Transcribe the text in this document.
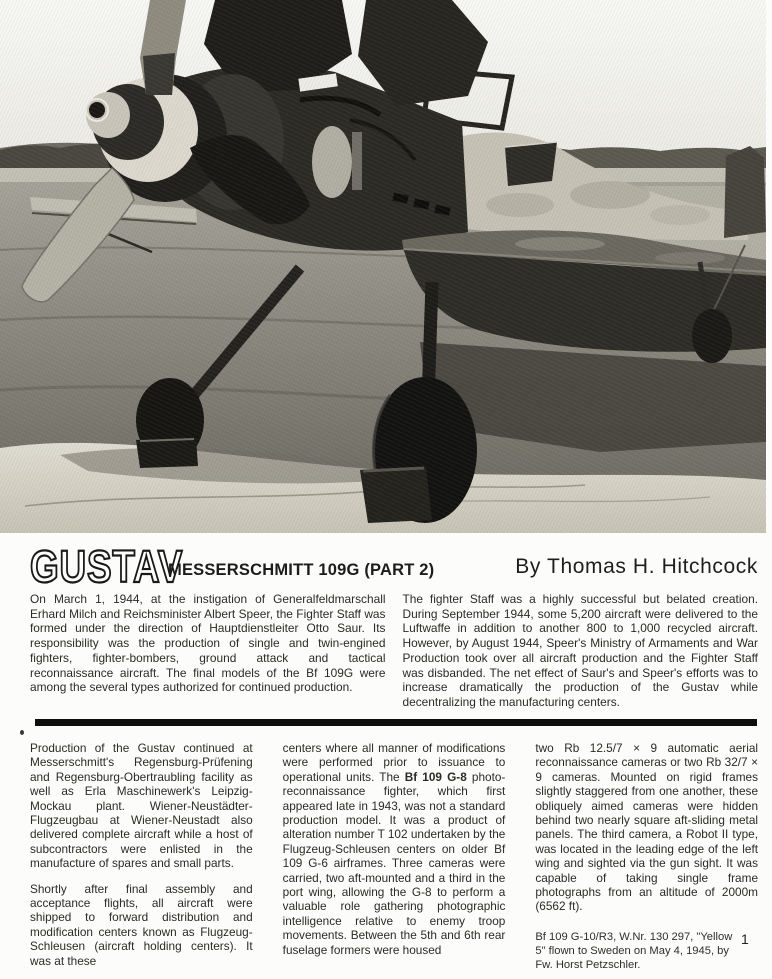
GUSTAV
MESSERSCHMITT 109G (PART 2)	By Thomas H. Hitchcock

On March 1, 1944, at the instigation of Generalfeldmarschall Erhard Milch and Reichsminister Albert Speer, the Fighter Staff was formed under the direction of Hauptdienstleiter Otto Saur. Its responsibility was the production of single and twin-engined fighters, fighter-bombers, ground attack and tactical reconnaissance aircraft. The final models of the Bf 109G were among the several types authorized for continued production.

The fighter Staff was a highly successful but belated creation. During September 1944, some 5,200 aircraft were delivered to the Luftwaffe in addition to another 800 to 1,000 recycled aircraft. However, by August 1944, Speer's Ministry of Armaments and War Production took over all aircraft production and the Fighter Staff was disbanded. The net effect of Saur's and Speer's efforts was to increase dramatically the production of the Gustav while decentralizing the manufacturing centers.

Production of the Gustav continued at Messerschmitt's Regensburg-Prüfening and Regensburg-Obertraubling facility as well as Erla Maschinewerk's Leipzig-Mockau plant. Wiener-Neustädter-Flugzeugbau at Wiener-Neustadt also delivered complete aircraft while a host of subcontractors were enlisted in the manufacture of spares and small parts.

Shortly after final assembly and acceptance flights, all aircraft were shipped to forward distribution and modification centers known as Flugzeug-Schleusen (aircraft holding centers). It was at these

centers where all manner of modifications were performed prior to issuance to operational units. The Bf 109 G-8 photo-reconnaissance fighter, which first appeared late in 1943, was not a standard production model. It was a product of alteration number T 102 undertaken by the Flugzeug-Schleusen centers on older Bf 109 G-6 airframes. Three cameras were carried, two aft-mounted and a third in the port wing, allowing the G-8 to perform a valuable role gathering photographic intelligence relative to enemy troop movements. Between the 5th and 6th rear fuselage formers were housed

two Rb 12.5/7 × 9 automatic aerial reconnaissance cameras or two Rb 32/7 × 9 cameras. Mounted on rigid frames slightly staggered from one another, these obliquely aimed cameras were hidden behind two nearly square aft-sliding metal panels. The third camera, a Robot II type, was located in the leading edge of the left wing and sighted via the gun sight. It was capable of taking single frame photographs from an altitude of 2000m (6562 ft).

Bf 109 G-10/R3, W.Nr. 130 297, "Yellow 5" flown to Sweden on May 4, 1945, by Fw. Horst Petzschler.

1
